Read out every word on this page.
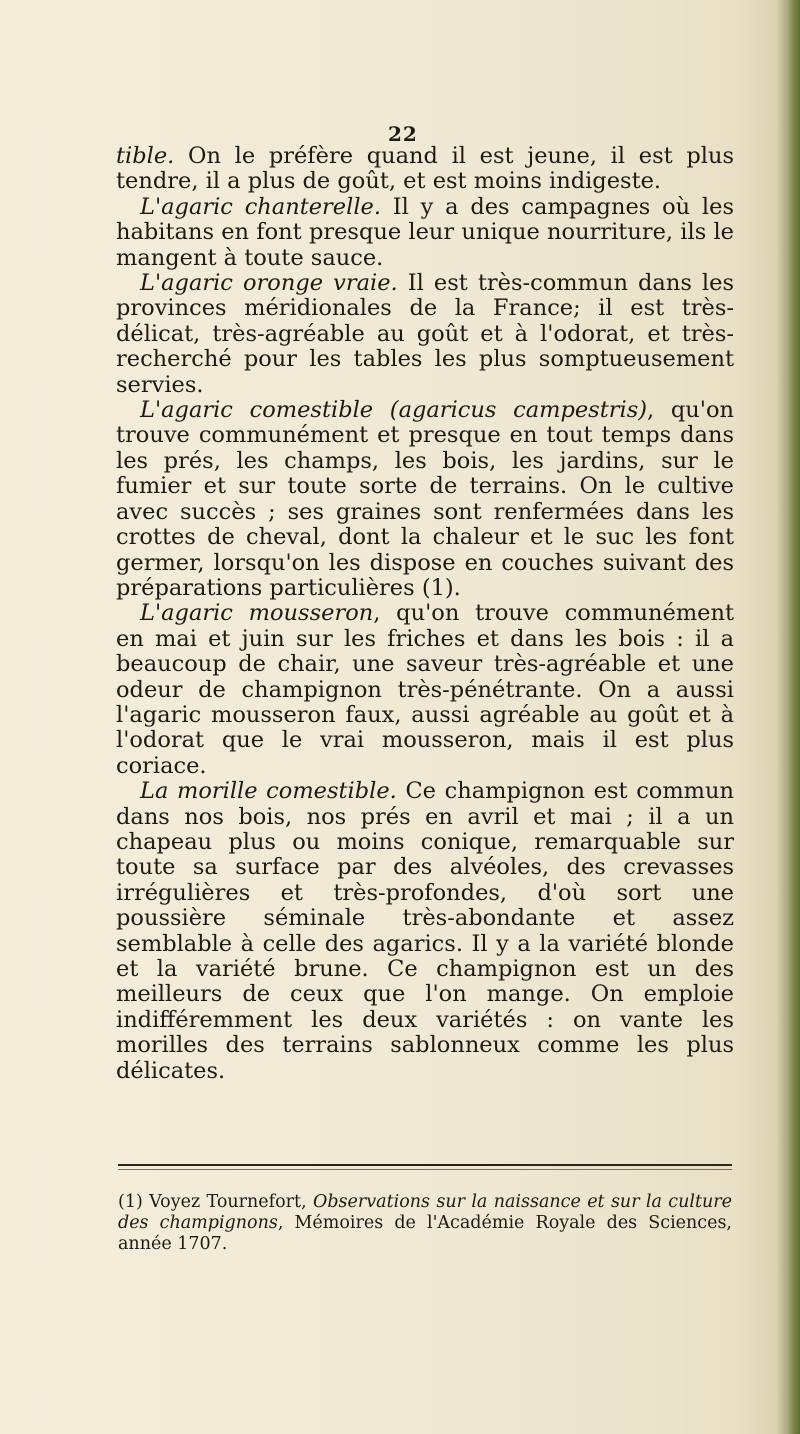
22

tible. On le préfère quand il est jeune, il est plus tendre, il a plus de goût, et est moins indigeste.

L'agaric chanterelle. Il y a des campagnes où les habitans en font presque leur unique nourriture, ils le mangent à toute sauce.

L'agaric oronge vraie. Il est très-commun dans les provinces méridionales de la France; il est très-délicat, très-agréable au goût et à l'odorat, et très-recherché pour les tables les plus somptueusement servies.

L'agaric comestible (agaricus campestris), qu'on trouve communément et presque en tout temps dans les prés, les champs, les bois, les jardins, sur le fumier et sur toute sorte de terrains. On le cultive avec succès ; ses graines sont renfermées dans les crottes de cheval, dont la chaleur et le suc les font germer, lorsqu'on les dispose en couches suivant des préparations particulières (1).

L'agaric mousseron, qu'on trouve communément en mai et juin sur les friches et dans les bois : il a beaucoup de chair, une saveur très-agréable et une odeur de champignon très-pénétrante. On a aussi l'agaric mousseron faux, aussi agréable au goût et à l'odorat que le vrai mousseron, mais il est plus coriace.

La morille comestible. Ce champignon est commun dans nos bois, nos prés en avril et mai ; il a un chapeau plus ou moins conique, remarquable sur toute sa surface par des alvéoles, des crevasses irrégulières et très-profondes, d'où sort une poussière séminale très-abondante et assez semblable à celle des agarics. Il y a la variété blonde et la variété brune. Ce champignon est un des meilleurs de ceux que l'on mange. On emploie indifféremment les deux variétés : on vante les morilles des terrains sablonneux comme les plus délicates.

(1) Voyez Tournefort, Observations sur la naissance et sur la culture des champignons, Mémoires de l'Académie Royale des Sciences, année 1707.
